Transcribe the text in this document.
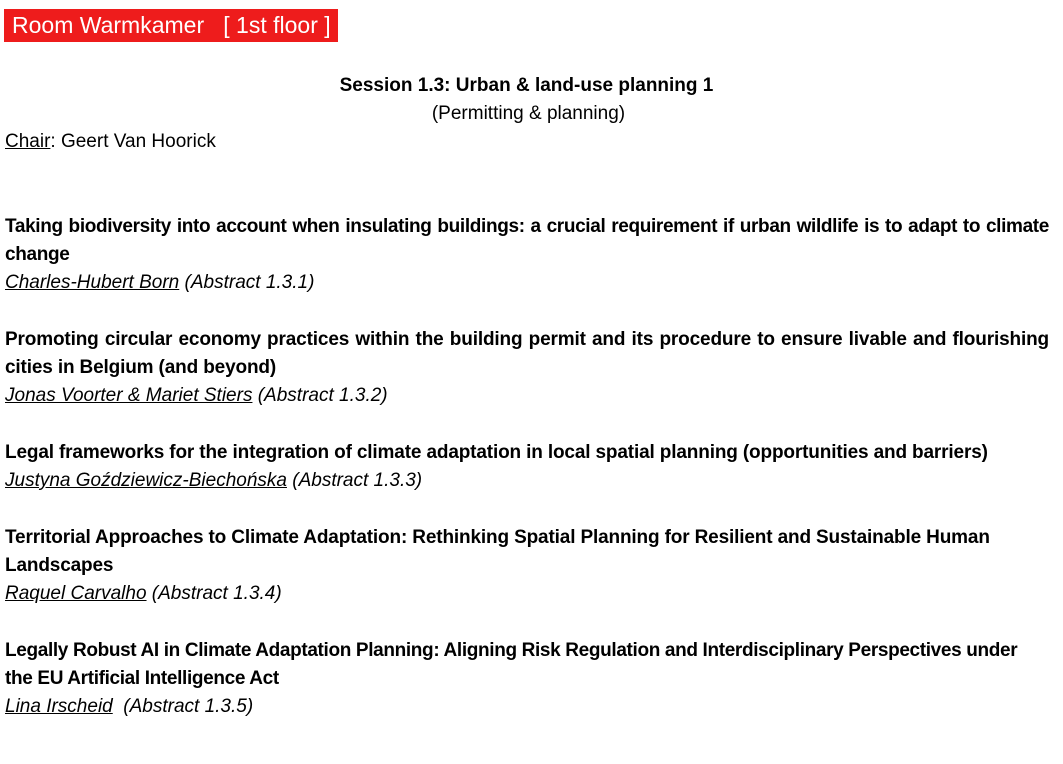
Room Warmkamer   [ 1st floor ]
Session 1.3: Urban & land-use planning 1
(Permitting & planning)
Chair: Geert Van Hoorick
Taking biodiversity into account when insulating buildings: a crucial requirement if urban wildlife is to adapt to climate change
Charles-Hubert Born (Abstract 1.3.1)
Promoting circular economy practices within the building permit and its procedure to ensure livable and flourishing cities in Belgium (and beyond)
Jonas Voorter & Mariet Stiers (Abstract 1.3.2)
Legal frameworks for the integration of climate adaptation in local spatial planning (opportunities and barriers)
Justyna Goździewicz-Biechońska (Abstract 1.3.3)
Territorial Approaches to Climate Adaptation: Rethinking Spatial Planning for Resilient and Sustainable Human Landscapes
Raquel Carvalho (Abstract 1.3.4)
Legally Robust AI in Climate Adaptation Planning: Aligning Risk Regulation and Interdisciplinary Perspectives under the EU Artificial Intelligence Act
Lina Irscheid  (Abstract 1.3.5)
